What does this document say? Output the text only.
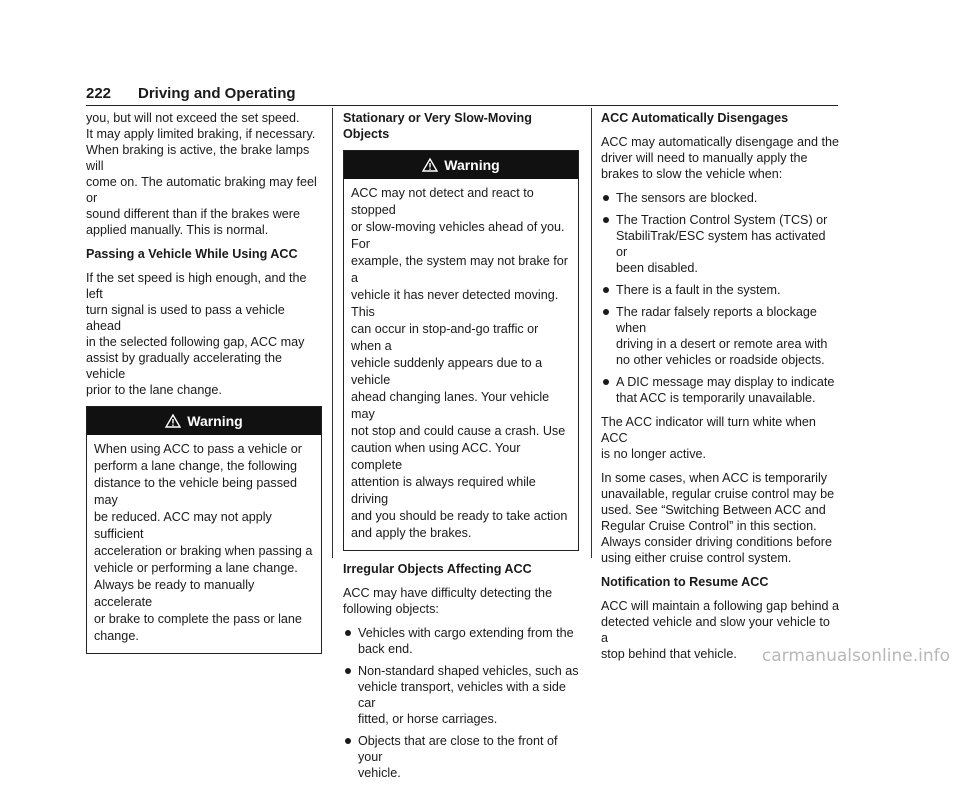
222 Driving and Operating

you, but will not exceed the set speed.
It may apply limited braking, if necessary.
When braking is active, the brake lamps will
come on. The automatic braking may feel or
sound different than if the brakes were
applied manually. This is normal.

Passing a Vehicle While Using ACC

If the set speed is high enough, and the left
turn signal is used to pass a vehicle ahead
in the selected following gap, ACC may
assist by gradually accelerating the vehicle
prior to the lane change.

Warning
When using ACC to pass a vehicle or
perform a lane change, the following
distance to the vehicle being passed may
be reduced. ACC may not apply sufficient
acceleration or braking when passing a
vehicle or performing a lane change.
Always be ready to manually accelerate
or brake to complete the pass or lane
change.
Stationary or Very Slow-Moving Objects
Warning
ACC may not detect and react to stopped
or slow-moving vehicles ahead of you. For
example, the system may not brake for a
vehicle it has never detected moving. This
can occur in stop-and-go traffic or when a
vehicle suddenly appears due to a vehicle
ahead changing lanes. Your vehicle may
not stop and could cause a crash. Use
caution when using ACC. Your complete
attention is always required while driving
and you should be ready to take action
and apply the brakes.
Irregular Objects Affecting ACC

ACC may have difficulty detecting the
following objects:

Vehicles with cargo extending from the
back end.
Non-standard shaped vehicles, such as
vehicle transport, vehicles with a side car
fitted, or horse carriages.
Objects that are close to the front of your
vehicle.
ACC Automatically Disengages

ACC may automatically disengage and the
driver will need to manually apply the
brakes to slow the vehicle when:

The sensors are blocked.
The Traction Control System (TCS) or
StabiliTrak/ESC system has activated or
been disabled.
There is a fault in the system.
The radar falsely reports a blockage when
driving in a desert or remote area with
no other vehicles or roadside objects.
A DIC message may display to indicate
that ACC is temporarily unavailable.

The ACC indicator will turn white when ACC
is no longer active.

In some cases, when ACC is temporarily
unavailable, regular cruise control may be
used. See “Switching Between ACC and
Regular Cruise Control” in this section.
Always consider driving conditions before
using either cruise control system.

Notification to Resume ACC

ACC will maintain a following gap behind a
detected vehicle and slow your vehicle to a
stop behind that vehicle.	carmanualsonline.info
